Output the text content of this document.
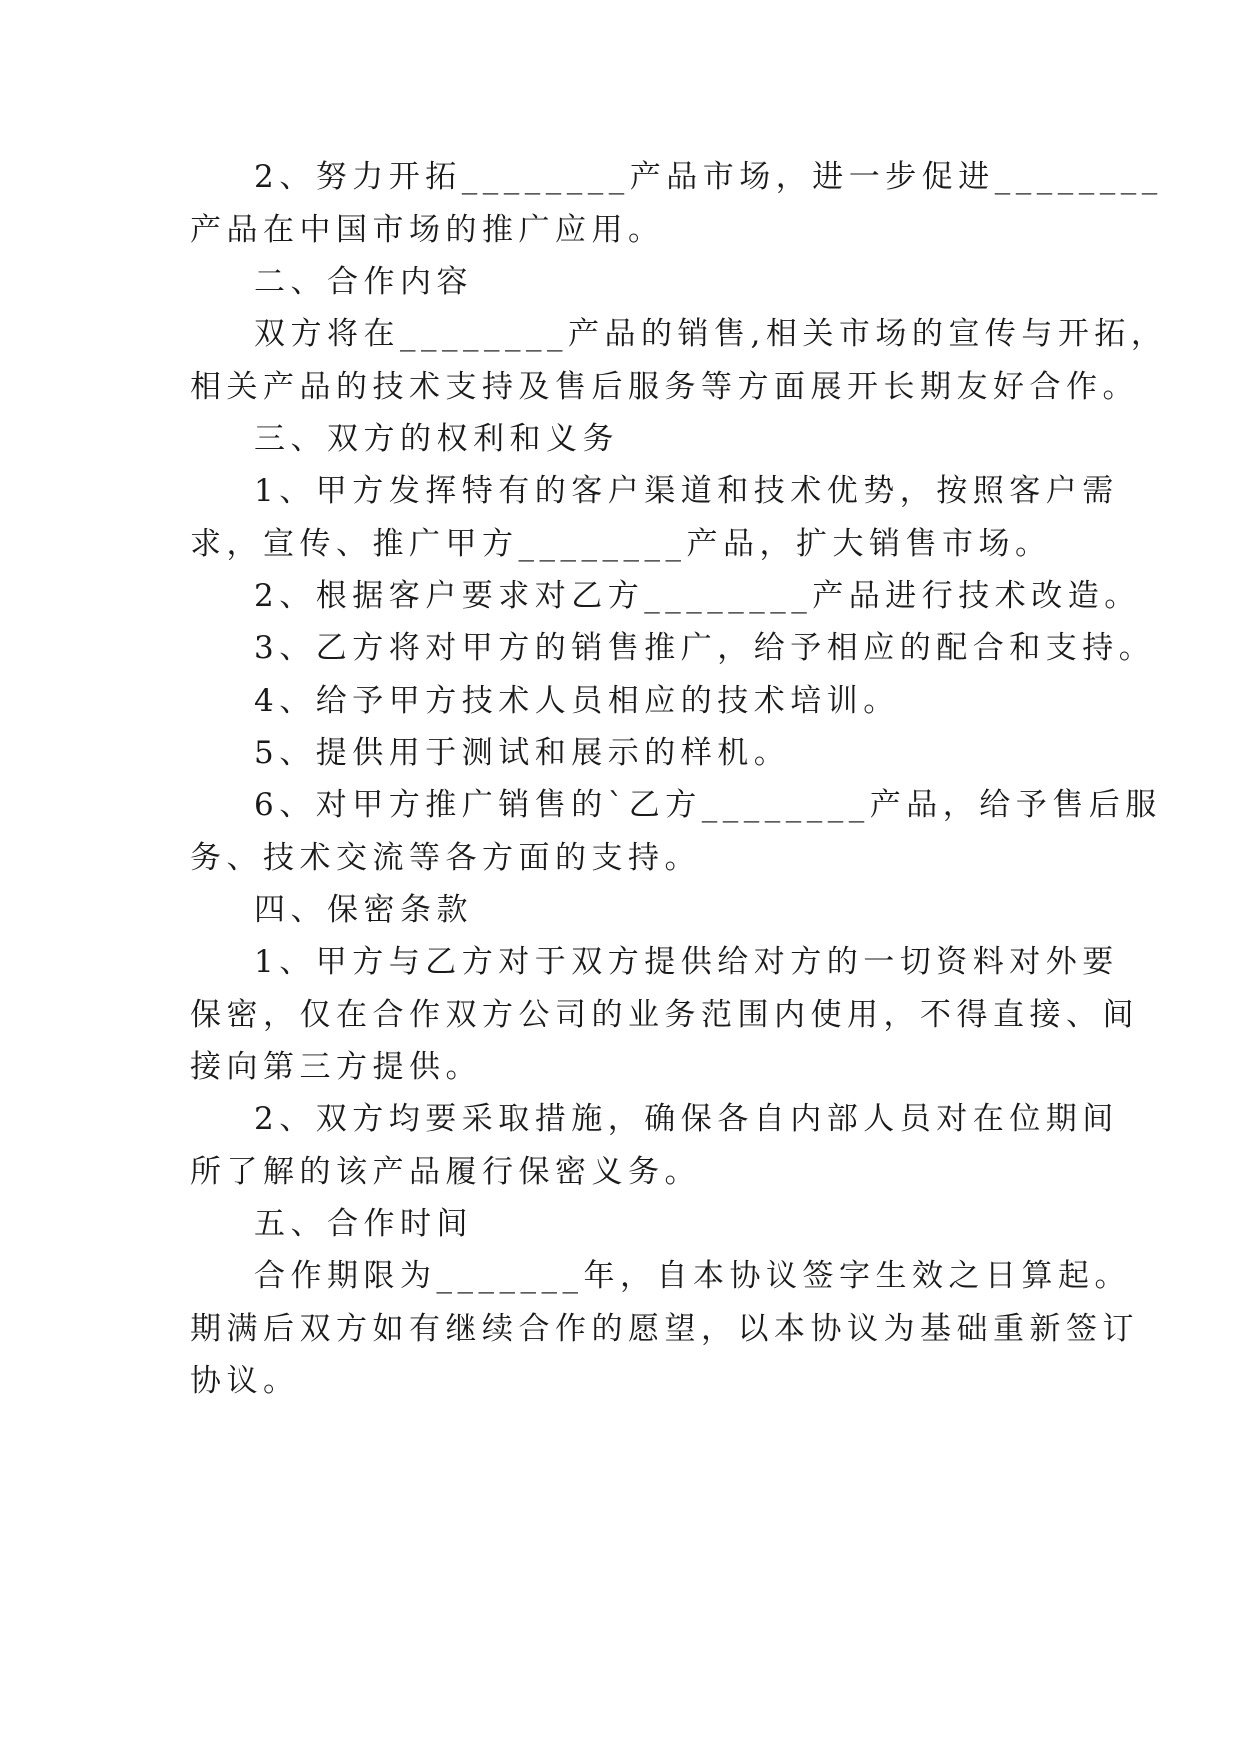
2、努力开拓________产品市场，进一步促进________
产品在中国市场的推广应用。
二、合作内容
双方将在________产品的销售,相关市场的宣传与开拓，
相关产品的技术支持及售后服务等方面展开长期友好合作。
三、双方的权利和义务
1、甲方发挥特有的客户渠道和技术优势，按照客户需
求，宣传、推广甲方________产品，扩大销售市场。
2、根据客户要求对乙方________产品进行技术改造。
3、乙方将对甲方的销售推广，给予相应的配合和支持。
4、给予甲方技术人员相应的技术培训。
5、提供用于测试和展示的样机。
6、对甲方推广销售的`乙方________产品，给予售后服
务、技术交流等各方面的支持。
四、保密条款
1、甲方与乙方对于双方提供给对方的一切资料对外要
保密，仅在合作双方公司的业务范围内使用，不得直接、间
接向第三方提供。
2、双方均要采取措施，确保各自内部人员对在位期间
所了解的该产品履行保密义务。
五、合作时间
合作期限为_______年，自本协议签字生效之日算起。
期满后双方如有继续合作的愿望，以本协议为基础重新签订
协议。
